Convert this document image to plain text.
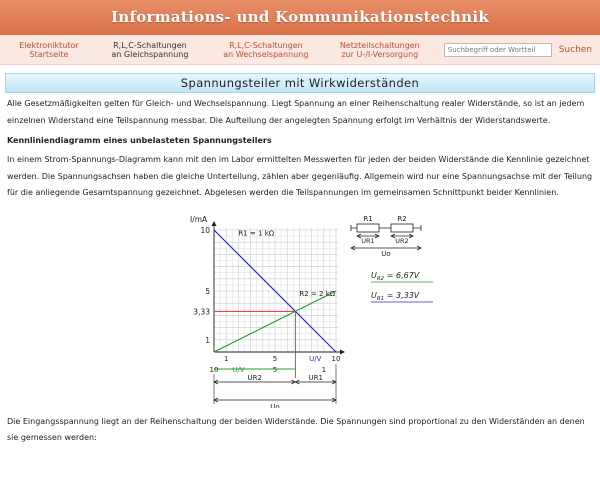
Informations- und Kommunikationstechnik
Elektroniktutor
Startseite
R,L,C-Schaltungen
an Gleichspannung
R,L,C-Schaltungen
an Wechselspannung
Netzteilschaltungen
zur U-/I-Versorgung
Suchbegriff oder Wortteil	Suchen
Spannungsteiler mit Wirkwiderständen

Alle Gesetzmäßigkeiten gelten für Gleich- und Wechselspannung. Liegt Spannung an einer Reihenschaltung realer Widerstände, so ist an jedem einzelnen Widerstand eine Teilspannung messbar. Die Aufteilung der angelegten Spannung erfolgt im Verhältnis der Widerstandswerte.

Kennliniendiagramm eines unbelasteten Spannungsteilers

In einem Strom-Spannungs-Diagramm kann mit den im Labor ermittelten Messwerten für jeden der beiden Widerstände die Kennlinie gezeichnet werden. Die Spannungsachsen haben die gleiche Unterteilung, zählen aber gegenläufig. Allgemein wird nur eine Spannungsachse mit der Teilung für die anliegende Gesamtspannung gezeichnet. Abgelesen werden die Teilspannungen im gemeinsamen Schnittpunkt beider Kennlinien.

I/mA
1
5
10
3,33
1	5	10
U/V
10	5	1
U/V
R1 = 1 kΩ
R2 = 2 kΩ
UR2	UR1
Uo
R1	R2
UR1	UR2
Uo
$U_{R2} = 6,67V$
$U_{R1} = 3,33V$

Die Eingangsspannung liegt an der Reihenschaltung der beiden Widerstände. Die Spannungen sind proportional zu den Widerständen an denen sie gemessen werden:
